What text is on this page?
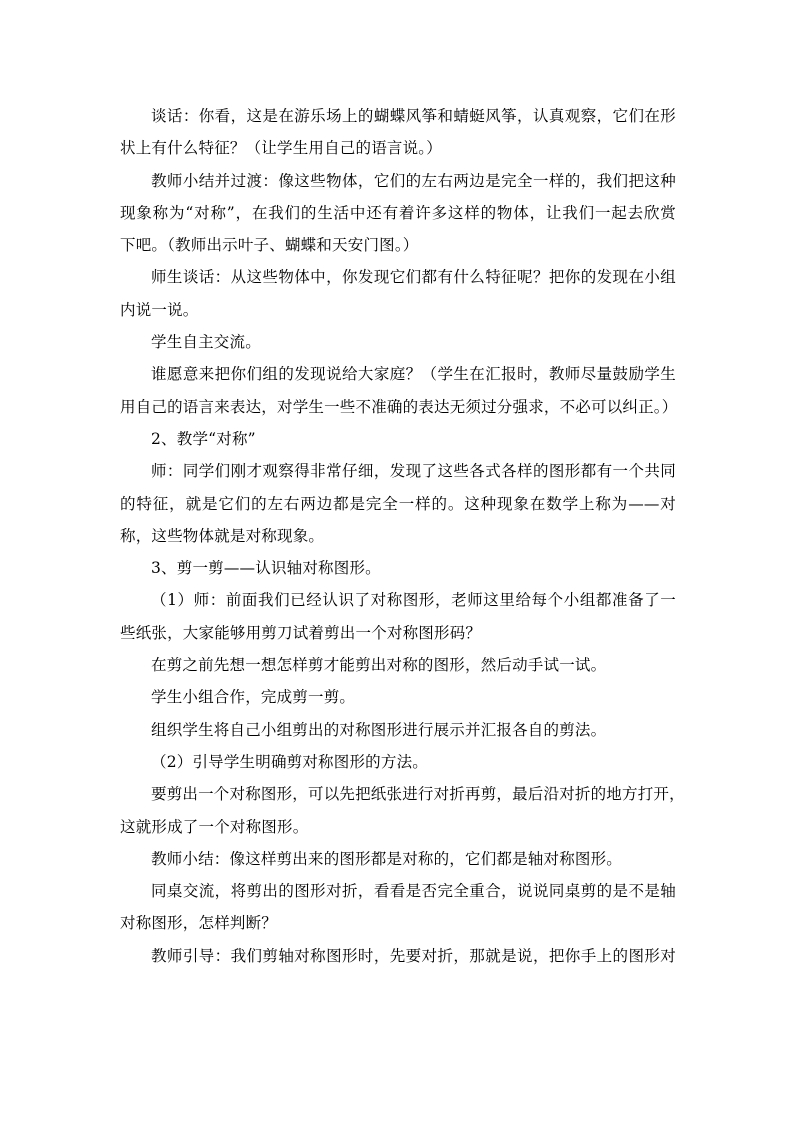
谈话：你看，这是在游乐场上的蝴蝶风筝和蜻蜓风筝，认真观察，它们在形
状上有什么特征？（让学生用自己的语言说。）

教师小结并过渡：像这些物体，它们的左右两边是完全一样的，我们把这种
现象称为“对称”，在我们的生活中还有着许多这样的物体，让我们一起去欣赏
下吧。（教师出示叶子、蝴蝶和天安门图。）

师生谈话：从这些物体中，你发现它们都有什么特征呢？把你的发现在小组
内说一说。

学生自主交流。

谁愿意来把你们组的发现说给大家庭？（学生在汇报时，教师尽量鼓励学生
用自己的语言来表达，对学生一些不准确的表达无须过分强求，不必可以纠正。）

2、教学“对称”

师：同学们刚才观察得非常仔细，发现了这些各式各样的图形都有一个共同
的特征，就是它们的左右两边都是完全一样的。这种现象在数学上称为——对
称，这些物体就是对称现象。

3、剪一剪——认识轴对称图形。

（1）师：前面我们已经认识了对称图形，老师这里给每个小组都准备了一
些纸张，大家能够用剪刀试着剪出一个对称图形码？

在剪之前先想一想怎样剪才能剪出对称的图形，然后动手试一试。

学生小组合作，完成剪一剪。

组织学生将自己小组剪出的对称图形进行展示并汇报各自的剪法。

（2）引导学生明确剪对称图形的方法。

要剪出一个对称图形，可以先把纸张进行对折再剪，最后沿对折的地方打开，
这就形成了一个对称图形。

教师小结：像这样剪出来的图形都是对称的，它们都是轴对称图形。

同桌交流，将剪出的图形对折，看看是否完全重合，说说同桌剪的是不是轴
对称图形，怎样判断？

教师引导：我们剪轴对称图形时，先要对折，那就是说，把你手上的图形对
